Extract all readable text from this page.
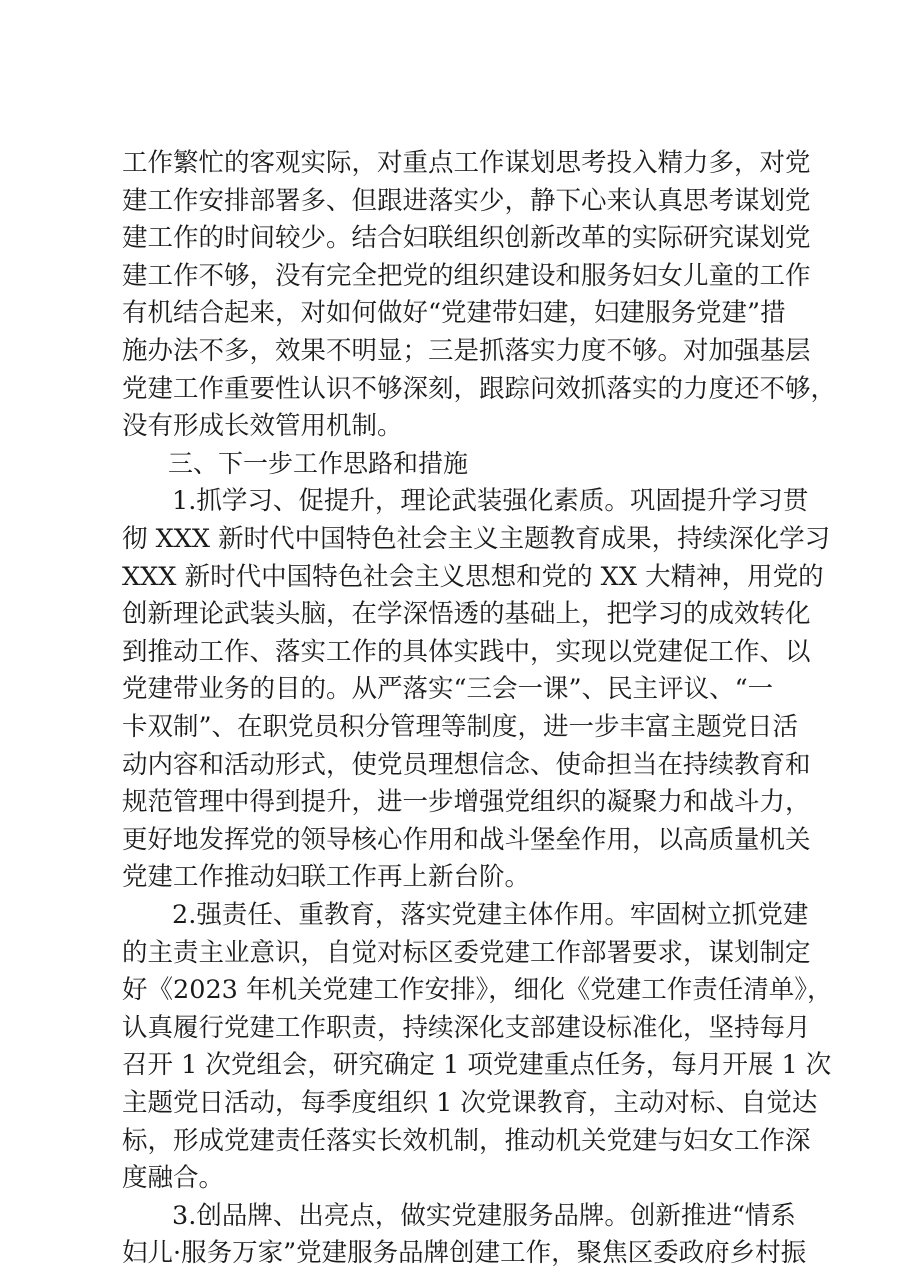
工作繁忙的客观实际，对重点工作谋划思考投入精力多，对党
建工作安排部署多、但跟进落实少，静下心来认真思考谋划党
建工作的时间较少。结合妇联组织创新改革的实际研究谋划党
建工作不够，没有完全把党的组织建设和服务妇女儿童的工作
有机结合起来，对如何做好“党建带妇建，妇建服务党建”措
施办法不多，效果不明显；三是抓落实力度不够。对加强基层
党建工作重要性认识不够深刻，跟踪问效抓落实的力度还不够，
没有形成长效管用机制。
三、下一步工作思路和措施
1.抓学习、促提升，理论武装强化素质。巩固提升学习贯
彻 XXX 新时代中国特色社会主义主题教育成果，持续深化学习
XXX 新时代中国特色社会主义思想和党的 XX 大精神，用党的
创新理论武装头脑，在学深悟透的基础上，把学习的成效转化
到推动工作、落实工作的具体实践中，实现以党建促工作、以
党建带业务的目的。从严落实“三会一课”、民主评议、“一
卡双制”、在职党员积分管理等制度，进一步丰富主题党日活
动内容和活动形式，使党员理想信念、使命担当在持续教育和
规范管理中得到提升，进一步增强党组织的凝聚力和战斗力，
更好地发挥党的领导核心作用和战斗堡垒作用，以高质量机关
党建工作推动妇联工作再上新台阶。
2.强责任、重教育，落实党建主体作用。牢固树立抓党建
的主责主业意识，自觉对标区委党建工作部署要求，谋划制定
好《2023 年机关党建工作安排》，细化《党建工作责任清单》，
认真履行党建工作职责，持续深化支部建设标准化，坚持每月
召开 1 次党组会，研究确定 1 项党建重点任务，每月开展 1 次
主题党日活动，每季度组织 1 次党课教育，主动对标、自觉达
标，形成党建责任落实长效机制，推动机关党建与妇女工作深
度融合。
3.创品牌、出亮点，做实党建服务品牌。创新推进“情系
妇儿·服务万家”党建服务品牌创建工作，聚焦区委政府乡村振
